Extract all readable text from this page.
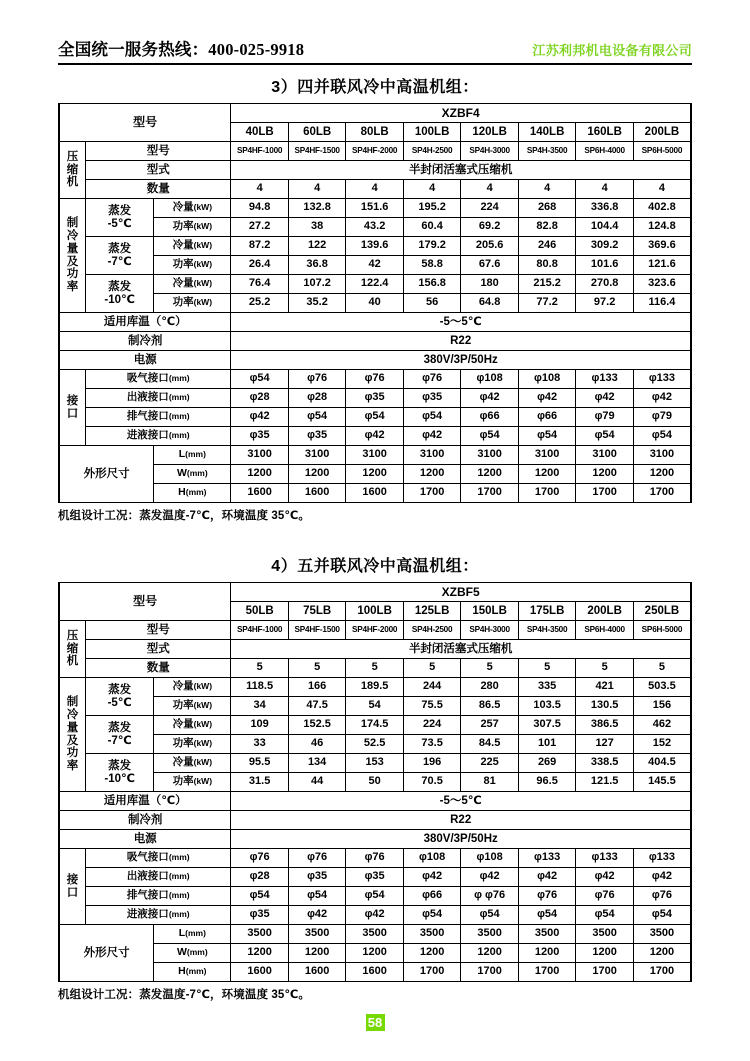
全国统一服务热线：400-025-9918	江苏利邦机电设备有限公司
3）四并联风冷中高温机组：
型号			XZBF4							
			40LB	60LB	80LB	100LB	120LB	140LB	160LB	200LB

压
缩
机	型号		SP4HF-1000	SP4HF-1500	SP4HF-2000	SP4H-2500	SP4H-3000	SP4H-3500	SP6H-4000	SP6H-5000
	型式		半封闭活塞式压缩机							
	数量		4	4	4	4	4	4	4	4

制
冷
量
及
功
率

蒸发
-5℃
	冷量(kW)	94.8	132.8	151.6	195.2	224	268	336.8	402.8
		功率(kW)	27.2	38	43.2	60.4	69.2	82.8	104.4	124.8

	蒸发
-7℃	冷量(kW)	87.2	122	139.6	179.2	205.6	246	309.2	369.6
		功率(kW)	26.4	36.8	42	58.8	67.6	80.8	101.6	121.6

	蒸发
-10℃	冷量(kW)	76.4	107.2	122.4	156.8	180	215.2	270.8	323.6
		功率(kW)	25.2	35.2	40	56	64.8	77.2	97.2	116.4
适用库温（℃）			-5～5℃							
制冷剂			R22							
电源			380V/3P/50Hz							

接
口	吸气接口(mm)		φ54	φ76	φ76	φ76	φ108	φ108	φ133	φ133
	出液接口(mm)		φ28	φ28	φ35	φ35	φ42	φ42	φ42	φ42
	排气接口(mm)		φ42	φ54	φ54	φ54	φ66	φ66	φ79	φ79
	进液接口(mm)		φ35	φ35	φ42	φ42	φ54	φ54	φ54	φ54
外形尺寸		L(mm)	3100	3100	3100	3100	3100	3100	3100	3100
		W(mm)	1200	1200	1200	1200	1200	1200	1200	1200
		H(mm)	1600	1600	1600	1700	1700	1700	1700	1700
机组设计工况：蒸发温度-7℃，环境温度 35℃。
4）五并联风冷中高温机组：
型号			XZBF5							
			50LB	75LB	100LB	125LB	150LB	175LB	200LB	250LB

压
缩
机	型号		SP4HF-1000	SP4HF-1500	SP4HF-2000	SP4H-2500	SP4H-3000	SP4H-3500	SP6H-4000	SP6H-5000
	型式		半封闭活塞式压缩机							
	数量		5	5	5	5	5	5	5	5

制
冷
量
及
功
率

蒸发
-5℃
	冷量(kW)	118.5	166	189.5	244	280	335	421	503.5
		功率(kW)	34	47.5	54	75.5	86.5	103.5	130.5	156

	蒸发
-7℃	冷量(kW)	109	152.5	174.5	224	257	307.5	386.5	462
		功率(kW)	33	46	52.5	73.5	84.5	101	127	152

	蒸发
-10℃	冷量(kW)	95.5	134	153	196	225	269	338.5	404.5
		功率(kW)	31.5	44	50	70.5	81	96.5	121.5	145.5
适用库温（℃）			-5～5℃							
制冷剂			R22							
电源			380V/3P/50Hz							

接
口	吸气接口(mm)		φ76	φ76	φ76	φ108	φ108	φ133	φ133	φ133
	出液接口(mm)		φ28	φ35	φ35	φ42	φ42	φ42	φ42	φ42
	排气接口(mm)		φ54	φ54	φ54	φ66	φ φ76	φ76	φ76	φ76
	进液接口(mm)		φ35	φ42	φ42	φ54	φ54	φ54	φ54	φ54
外形尺寸		L(mm)	3500	3500	3500	3500	3500	3500	3500	3500
		W(mm)	1200	1200	1200	1200	1200	1200	1200	1200
		H(mm)	1600	1600	1600	1700	1700	1700	1700	1700
机组设计工况：蒸发温度-7℃，环境温度 35℃。
58
